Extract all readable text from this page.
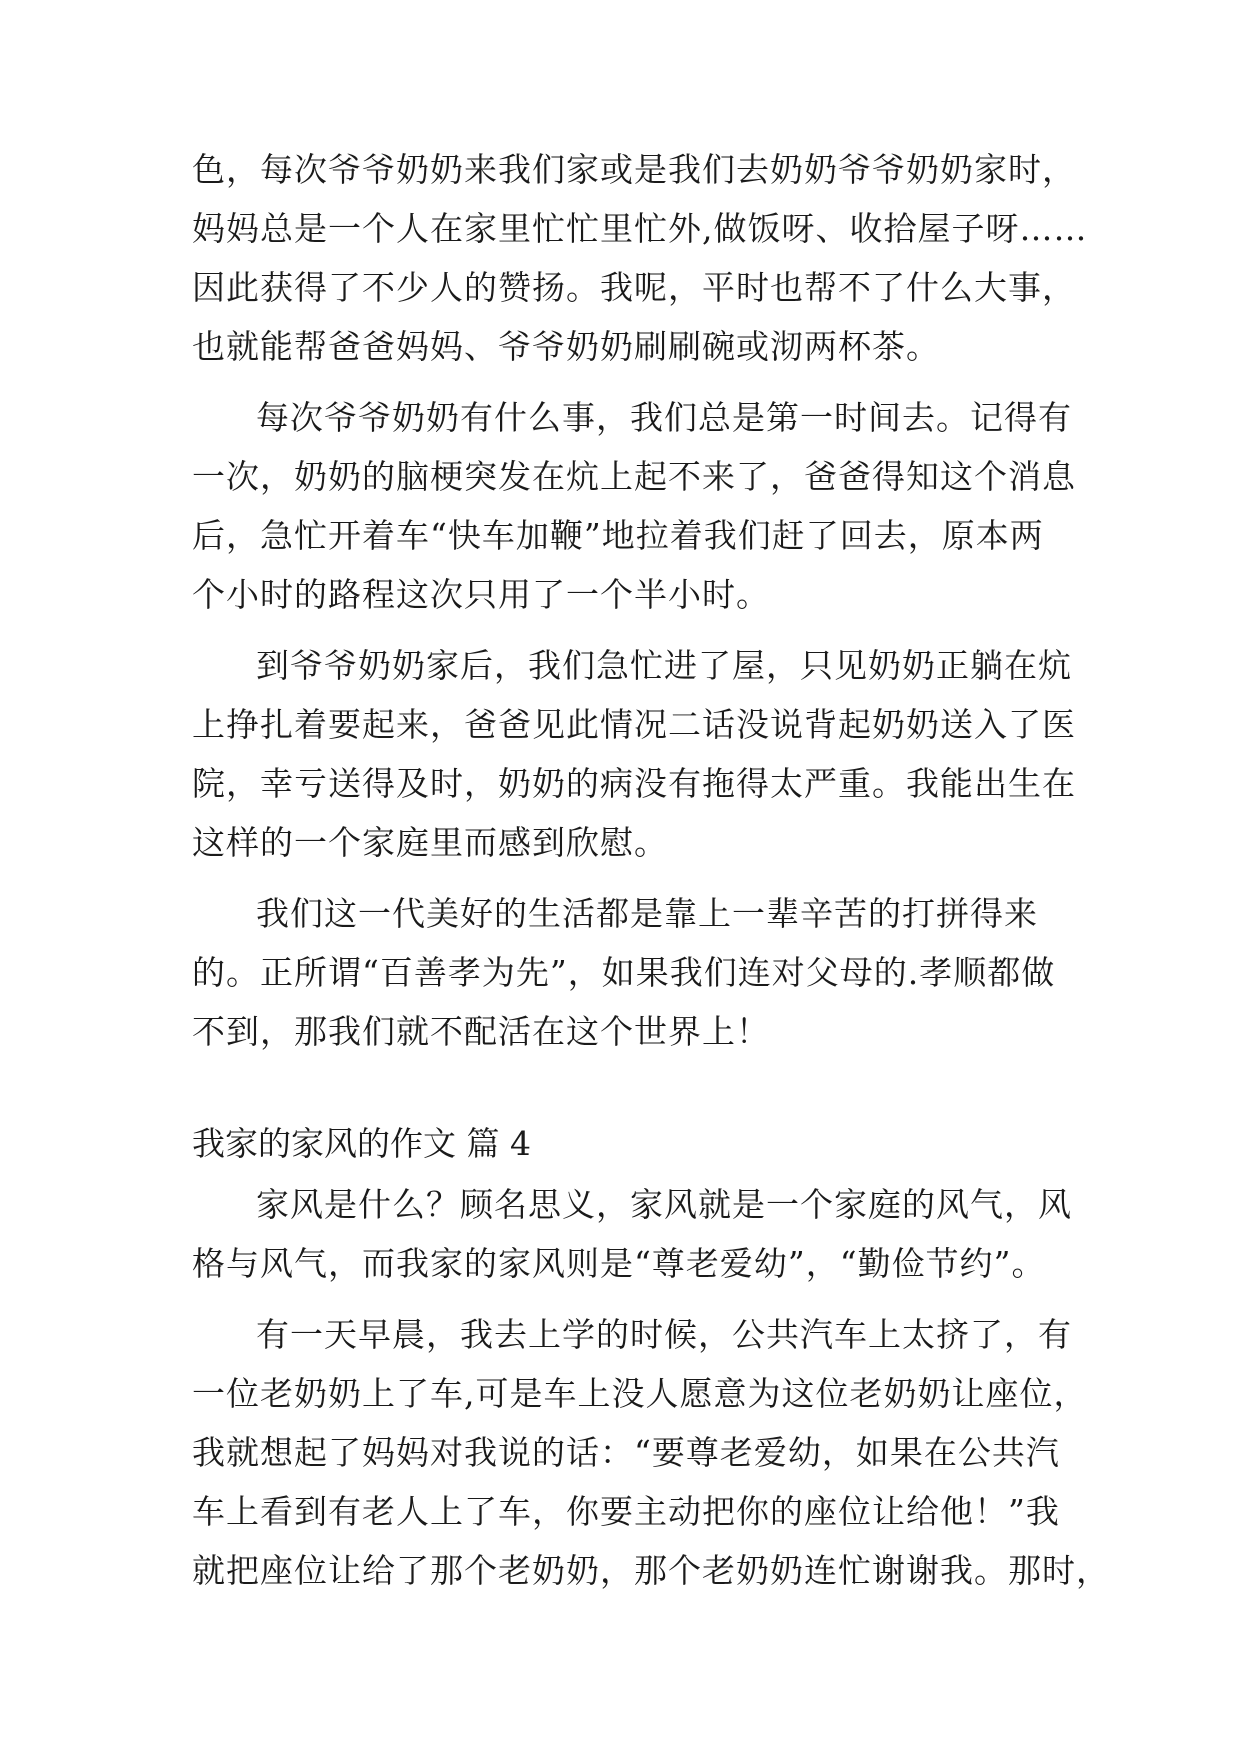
色，每次爷爷奶奶来我们家或是我们去奶奶爷爷奶奶家时，
妈妈总是一个人在家里忙忙里忙外,做饭呀、收拾屋子呀……
因此获得了不少人的赞扬。我呢，平时也帮不了什么大事，
也就能帮爸爸妈妈、爷爷奶奶刷刷碗或沏两杯茶。
每次爷爷奶奶有什么事，我们总是第一时间去。记得有
一次，奶奶的脑梗突发在炕上起不来了，爸爸得知这个消息
后，急忙开着车“快车加鞭”地拉着我们赶了回去，原本两
个小时的路程这次只用了一个半小时。
到爷爷奶奶家后，我们急忙进了屋，只见奶奶正躺在炕
上挣扎着要起来，爸爸见此情况二话没说背起奶奶送入了医
院，幸亏送得及时，奶奶的病没有拖得太严重。我能出生在
这样的一个家庭里而感到欣慰。
我们这一代美好的生活都是靠上一辈辛苦的打拼得来
的。正所谓“百善孝为先”，如果我们连对父母的.孝顺都做
不到，那我们就不配活在这个世界上！
我家的家风的作文 篇 4
家风是什么？顾名思义，家风就是一个家庭的风气，风
格与风气，而我家的家风则是“尊老爱幼”，“勤俭节约”。
有一天早晨，我去上学的时候，公共汽车上太挤了，有
一位老奶奶上了车,可是车上没人愿意为这位老奶奶让座位，
我就想起了妈妈对我说的话：“要尊老爱幼，如果在公共汽
车上看到有老人上了车，你要主动把你的座位让给他！”我
就把座位让给了那个老奶奶，那个老奶奶连忙谢谢我。那时，
